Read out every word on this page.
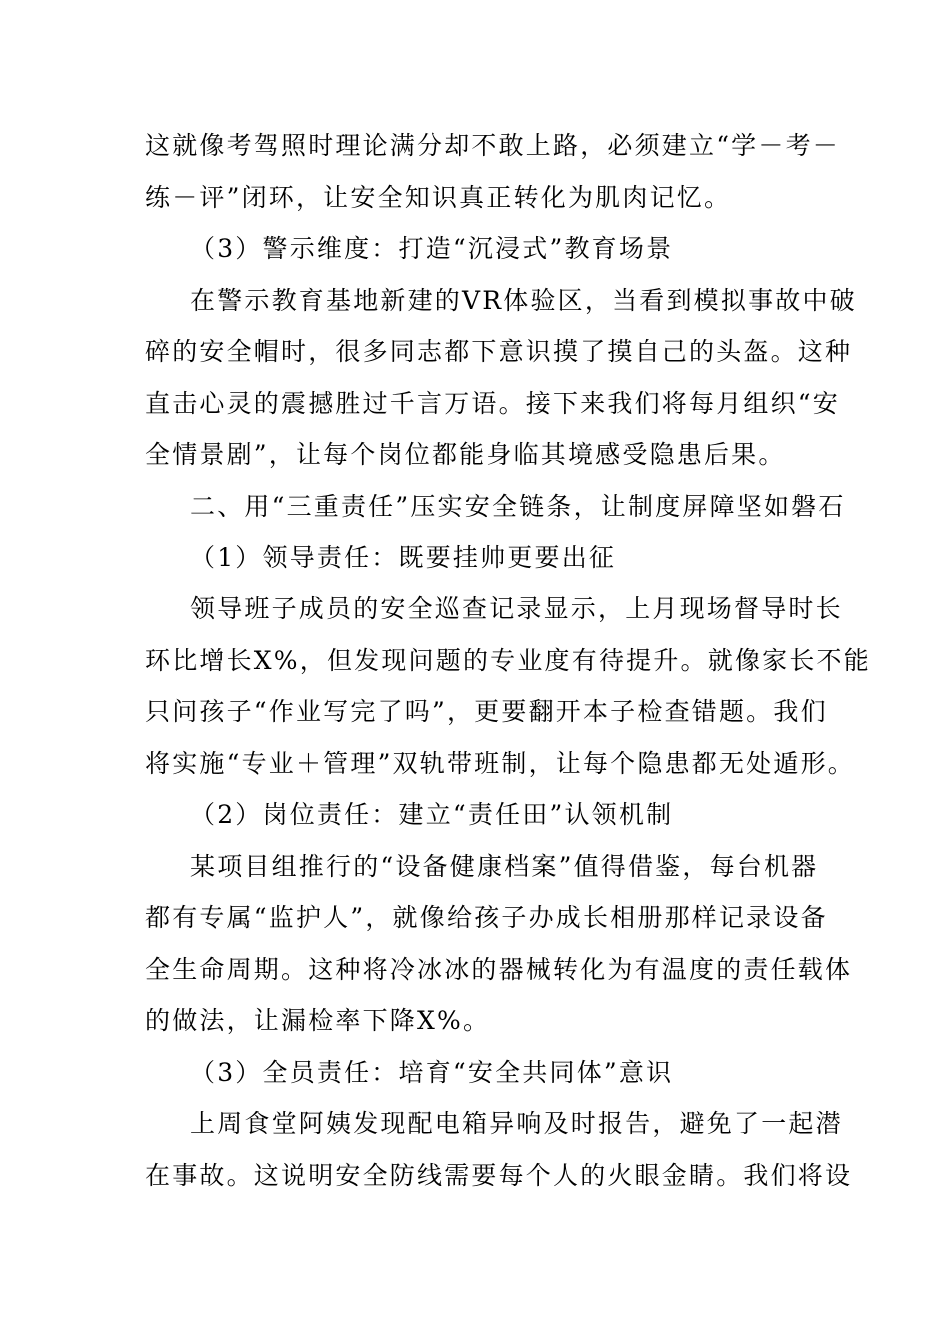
这就像考驾照时理论满分却不敢上路，必须建立“学－考－
练－评”闭环，让安全知识真正转化为肌肉记忆。
（3）警示维度：打造“沉浸式”教育场景
在警示教育基地新建的VR体验区，当看到模拟事故中破
碎的安全帽时，很多同志都下意识摸了摸自己的头盔。这种
直击心灵的震撼胜过千言万语。接下来我们将每月组织“安
全情景剧”，让每个岗位都能身临其境感受隐患后果。
二、用“三重责任”压实安全链条，让制度屏障坚如磐石
（1）领导责任：既要挂帅更要出征
领导班子成员的安全巡查记录显示，上月现场督导时长
环比增长X%，但发现问题的专业度有待提升。就像家长不能
只问孩子“作业写完了吗”，更要翻开本子检查错题。我们
将实施“专业＋管理”双轨带班制，让每个隐患都无处遁形。
（2）岗位责任：建立“责任田”认领机制
某项目组推行的“设备健康档案”值得借鉴，每台机器
都有专属“监护人”，就像给孩子办成长相册那样记录设备
全生命周期。这种将冷冰冰的器械转化为有温度的责任载体
的做法，让漏检率下降X%。
（3）全员责任：培育“安全共同体”意识
上周食堂阿姨发现配电箱异响及时报告，避免了一起潜
在事故。这说明安全防线需要每个人的火眼金睛。我们将设
